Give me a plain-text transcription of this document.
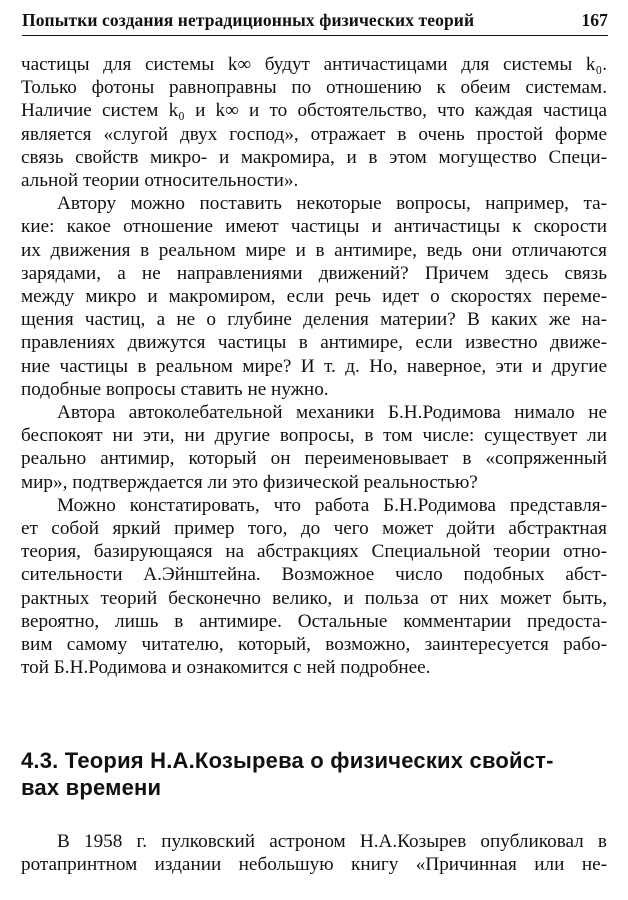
Попытки создания нетрадиционных физических теорий	167

частицы для системы k∞ будут античастицами для системы k₀.
Только фотоны равноправны по отношению к обеим системам.
Наличие систем k₀ и k∞ и то обстоятельство, что каждая частица
является «слугой двух господ», отражает в очень простой форме
связь свойств микро- и макромира, и в этом могущество Специ-
альной теории относительности».

Автору можно поставить некоторые вопросы, например, та-
кие: какое отношение имеют частицы и античастицы к скорости
их движения в реальном мире и в антимире, ведь они отличаются
зарядами, а не направлениями движений? Причем здесь связь
между микро и макромиром, если речь идет о скоростях переме-
щения частиц, а не о глубине деления материи? В каких же на-
правлениях движутся частицы в антимире, если известно движе-
ние частицы в реальном мире? И т. д. Но, наверное, эти и другие
подобные вопросы ставить не нужно.

Автора автоколебательной механики Б.Н.Родимова нимало не
беспокоят ни эти, ни другие вопросы, в том числе: существует ли
реально антимир, который он переименовывает в «сопряженный
мир», подтверждается ли это физической реальностью?

Можно констатировать, что работа Б.Н.Родимова представля-
ет собой яркий пример того, до чего может дойти абстрактная
теория, базирующаяся на абстракциях Специальной теории отно-
сительности А.Эйнштейна. Возможное число подобных абст-
рактных теорий бесконечно велико, и польза от них может быть,
вероятно, лишь в антимире. Остальные комментарии предоста-
вим самому читателю, который, возможно, заинтересуется рабо-
той Б.Н.Родимова и ознакомится с ней подробнее.

4.3. Теория Н.А.Козырева о физических свойст-
вах времени

В 1958 г. пулковский астроном Н.А.Козырев опубликовал в
ротапринтном издании небольшую книгу «Причинная или не-
